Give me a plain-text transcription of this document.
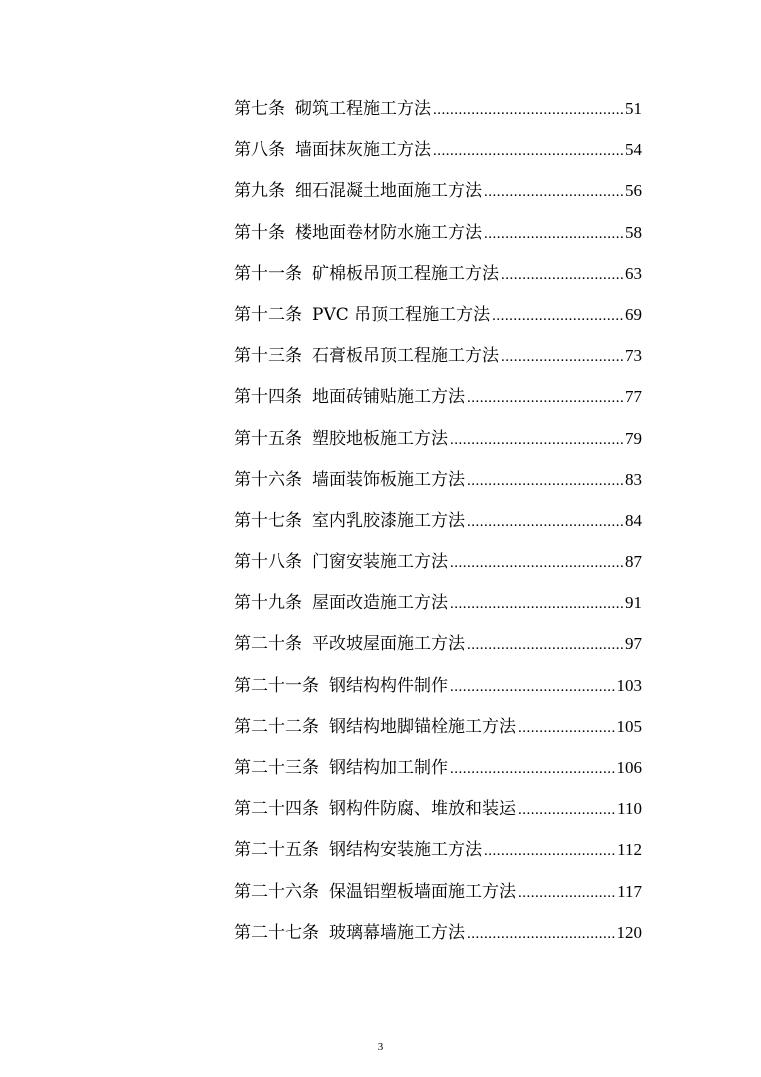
第七条 砌筑工程施工方法 .....	51
第八条 墙面抹灰施工方法 .....	54
第九条 细石混凝土地面施工方法 .....	56
第十条 楼地面卷材防水施工方法 .....	58
第十一条 矿棉板吊顶工程施工方法 .....	63
第十二条 PVC 吊顶工程施工方法 .....	69
第十三条 石膏板吊顶工程施工方法 .....	73
第十四条 地面砖铺贴施工方法 .....	77
第十五条 塑胶地板施工方法 .....	79
第十六条 墙面装饰板施工方法 .....	83
第十七条 室内乳胶漆施工方法 .....	84
第十八条 门窗安装施工方法 .....	87
第十九条 屋面改造施工方法 .....	91
第二十条 平改坡屋面施工方法 .....	97
第二十一条 钢结构构件制作 .....	103
第二十二条 钢结构地脚锚栓施工方法 .....	105
第二十三条 钢结构加工制作 .....	106
第二十四条 钢构件防腐、堆放和装运 .....	110
第二十五条 钢结构安装施工方法 .....	112
第二十六条 保温铝塑板墙面施工方法 .....	117
第二十七条 玻璃幕墙施工方法 .....	120
3
